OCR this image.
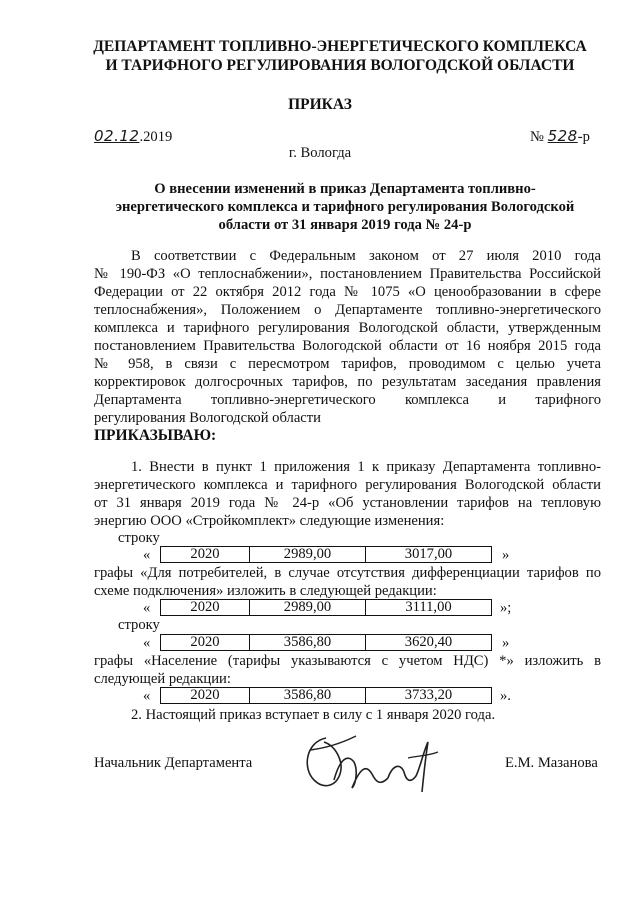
ДЕПАРТАМЕНТ ТОПЛИВНО-ЭНЕРГЕТИЧЕСКОГО КОМПЛЕКСА
И ТАРИФНОГО РЕГУЛИРОВАНИЯ ВОЛОГОДСКОЙ ОБЛАСТИ
ПРИКАЗ
02.12.2019	№ 528-р
г. Вологда
О внесении изменений в приказ Департамента топливно-
энергетического комплекса и тарифного регулирования Вологодской
области от 31 января 2019 года № 24-р
В соответствии с Федеральным законом от 27 июля 2010 года
№ 190-ФЗ «О теплоснабжении», постановлением Правительства Российской
Федерации от 22 октября 2012 года № 1075 «О ценообразовании в сфере
теплоснабжения», Положением о Департаменте топливно-энергетического
комплекса и тарифного регулирования Вологодской области, утвержденным
постановлением Правительства Вологодской области от 16 ноября 2015 года
№ 958, в связи с пересмотром тарифов, проводимом с целью учета
корректировок долгосрочных тарифов, по результатам заседания правления
Департамента топливно-энергетического комплекса и тарифного
регулирования Вологодской области
ПРИКАЗЫВАЮ:
1. Внести в пункт 1 приложения 1 к приказу Департамента топливно-
энергетического комплекса и тарифного регулирования Вологодской области
от 31 января 2019 года № 24-р «Об установлении тарифов на тепловую
энергию ООО «Стройкомплект» следующие изменения:
строку
«	2020	2989,00	3017,00	»
графы «Для потребителей, в случае отсутствия дифференциации тарифов по
схеме подключения» изложить в следующей редакции:
«	2020	2989,00	3111,00	»;
строку
«	2020	3586,80	3620,40	»
графы «Население (тарифы указываются с учетом НДС) *» изложить в
следующей редакции:
«	2020	3586,80	3733,20	».
2. Настоящий приказ вступает в силу с 1 января 2020 года.
Начальник Департамента	Е.М. Мазанова
